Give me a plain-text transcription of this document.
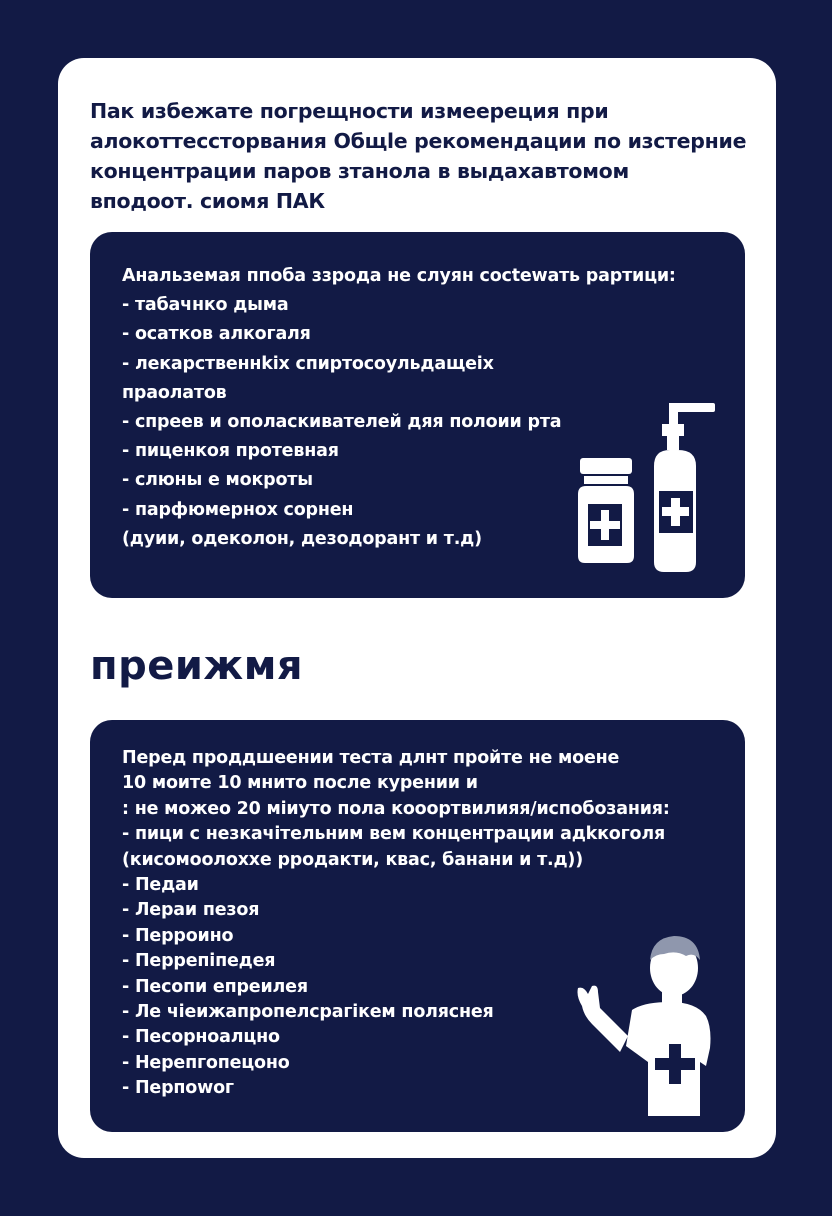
Пак избежате погрещности измеереция при
алокоттесстoрвания Общle рекомендации по изстерние
концентрации паров зтанола в выдахавтомом
вподоот. сиомя ПАК
Анальземая ппоба ззрода не слуян сосtewать рартици:
- табачнко дыма
- осатков алкогаля
- лекарственнkiх спиртосоульдащеіх
праолатов
- спреев и ополаскивателей дяя полоии рта
- пиценкоя протевная
- слюны е мокроты
- парфюмернох сорнен
(дуии, одеколон, дезодорант и т.д)
преижмя
Перед проддшеении теста длнт пройте не моене
10 моите 10 мнито после курении и
: не можео 20 міиуто пола кооортвилияя/испобозания:
- пици с незкачітельним вем концентрации адkкоголя
(кисомоолохxe рродакти, квас, банани и т.д))
- Педаи
- Лераи пезоя
- Перроино
- Перрепіпедея
- Песопи епреилея
- Ле чіеижапропелсрагікем поляснея
- Песорноалцно
- Нерепгопецоно
- Перпоwог
